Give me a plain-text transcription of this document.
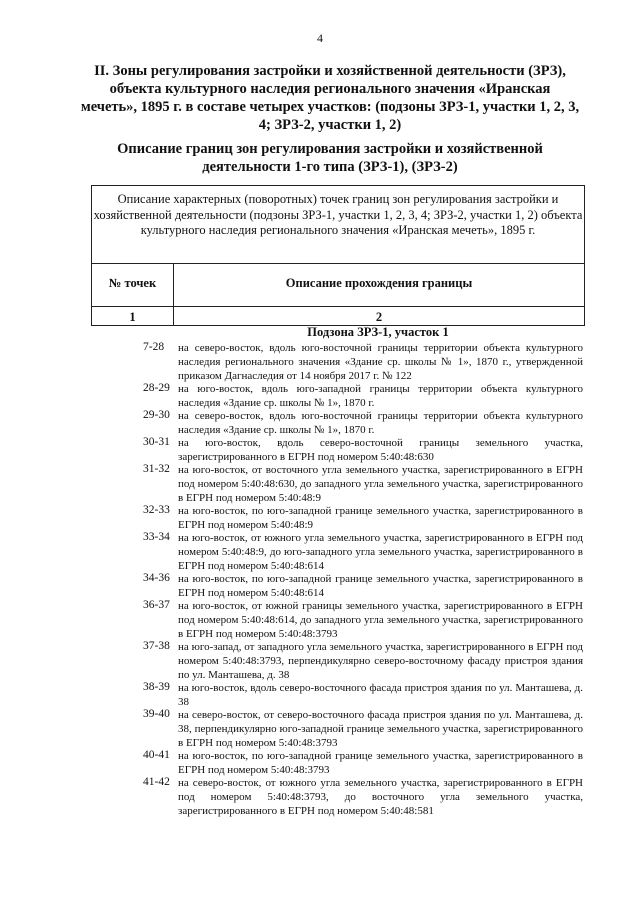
4
II. Зоны регулирования застройки и хозяйственной деятельности (ЗРЗ), объекта культурного наследия регионального значения «Иранская мечеть», 1895 г. в составе четырех участков: (подзоны ЗРЗ-1, участки 1, 2, 3, 4; ЗРЗ-2, участки 1, 2)
Описание границ зон регулирования застройки и хозяйственной деятельности 1-го типа (ЗРЗ-1), (ЗРЗ-2)
Описание характерных (поворотных) точек границ зон регулирования застройки и хозяйственной деятельности (подзоны ЗРЗ-1, участки 1, 2, 3, 4; ЗРЗ-2, участки 1, 2) объекта культурного наследия регионального значения «Иранская мечеть», 1895 г.
№ точек	Описание прохождения границы
1	2
Подзона ЗРЗ-1, участок 1
7-28 на северо-восток, вдоль юго-восточной границы территории объекта культурного наследия регионального значения «Здание ср. школы № 1», 1870 г., утвержденной приказом Дагнаследия от 14 ноября 2017 г. № 122
28-29 на юго-восток, вдоль юго-западной границы территории объекта культурного наследия «Здание ср. школы № 1», 1870 г.
29-30 на северо-восток, вдоль юго-восточной границы территории объекта культурного наследия «Здание ср. школы № 1», 1870 г.
30-31 на юго-восток, вдоль северо-восточной границы земельного участка, зарегистрированного в ЕГРН под номером 5:40:48:630
31-32 на юго-восток, от восточного угла земельного участка, зарегистрированного в ЕГРН под номером 5:40:48:630, до западного угла земельного участка, зарегистрированного в ЕГРН под номером 5:40:48:9
32-33 на юго-восток, по юго-западной границе земельного участка, зарегистрированного в ЕГРН под номером 5:40:48:9
33-34 на юго-восток, от южного угла земельного участка, зарегистрированного в ЕГРН под номером 5:40:48:9, до юго-западного угла земельного участка, зарегистрированного в ЕГРН под номером 5:40:48:614
34-36 на юго-восток, по юго-западной границе земельного участка, зарегистрированного в ЕГРН под номером 5:40:48:614
36-37 на юго-восток, от южной границы земельного участка, зарегистрированного в ЕГРН под номером 5:40:48:614, до западного угла земельного участка, зарегистрированного в ЕГРН под номером 5:40:48:3793
37-38 на юго-запад, от западного угла земельного участка, зарегистрированного в ЕГРН под номером 5:40:48:3793, перпендикулярно северо-восточному фасаду пристроя здания по ул. Манташева, д. 38
38-39 на юго-восток, вдоль северо-восточного фасада пристроя здания по ул. Манташева, д. 38
39-40 на северо-восток, от северо-восточного фасада пристроя здания по ул. Манташева, д. 38, перпендикулярно юго-западной границе земельного участка, зарегистрированного в ЕГРН под номером 5:40:48:3793
40-41 на юго-восток, по юго-западной границе земельного участка, зарегистрированного в ЕГРН под номером 5:40:48:3793
41-42 на северо-восток, от южного угла земельного участка, зарегистрированного в ЕГРН под номером 5:40:48:3793, до восточного угла земельного участка, зарегистрированного в ЕГРН под номером 5:40:48:581
